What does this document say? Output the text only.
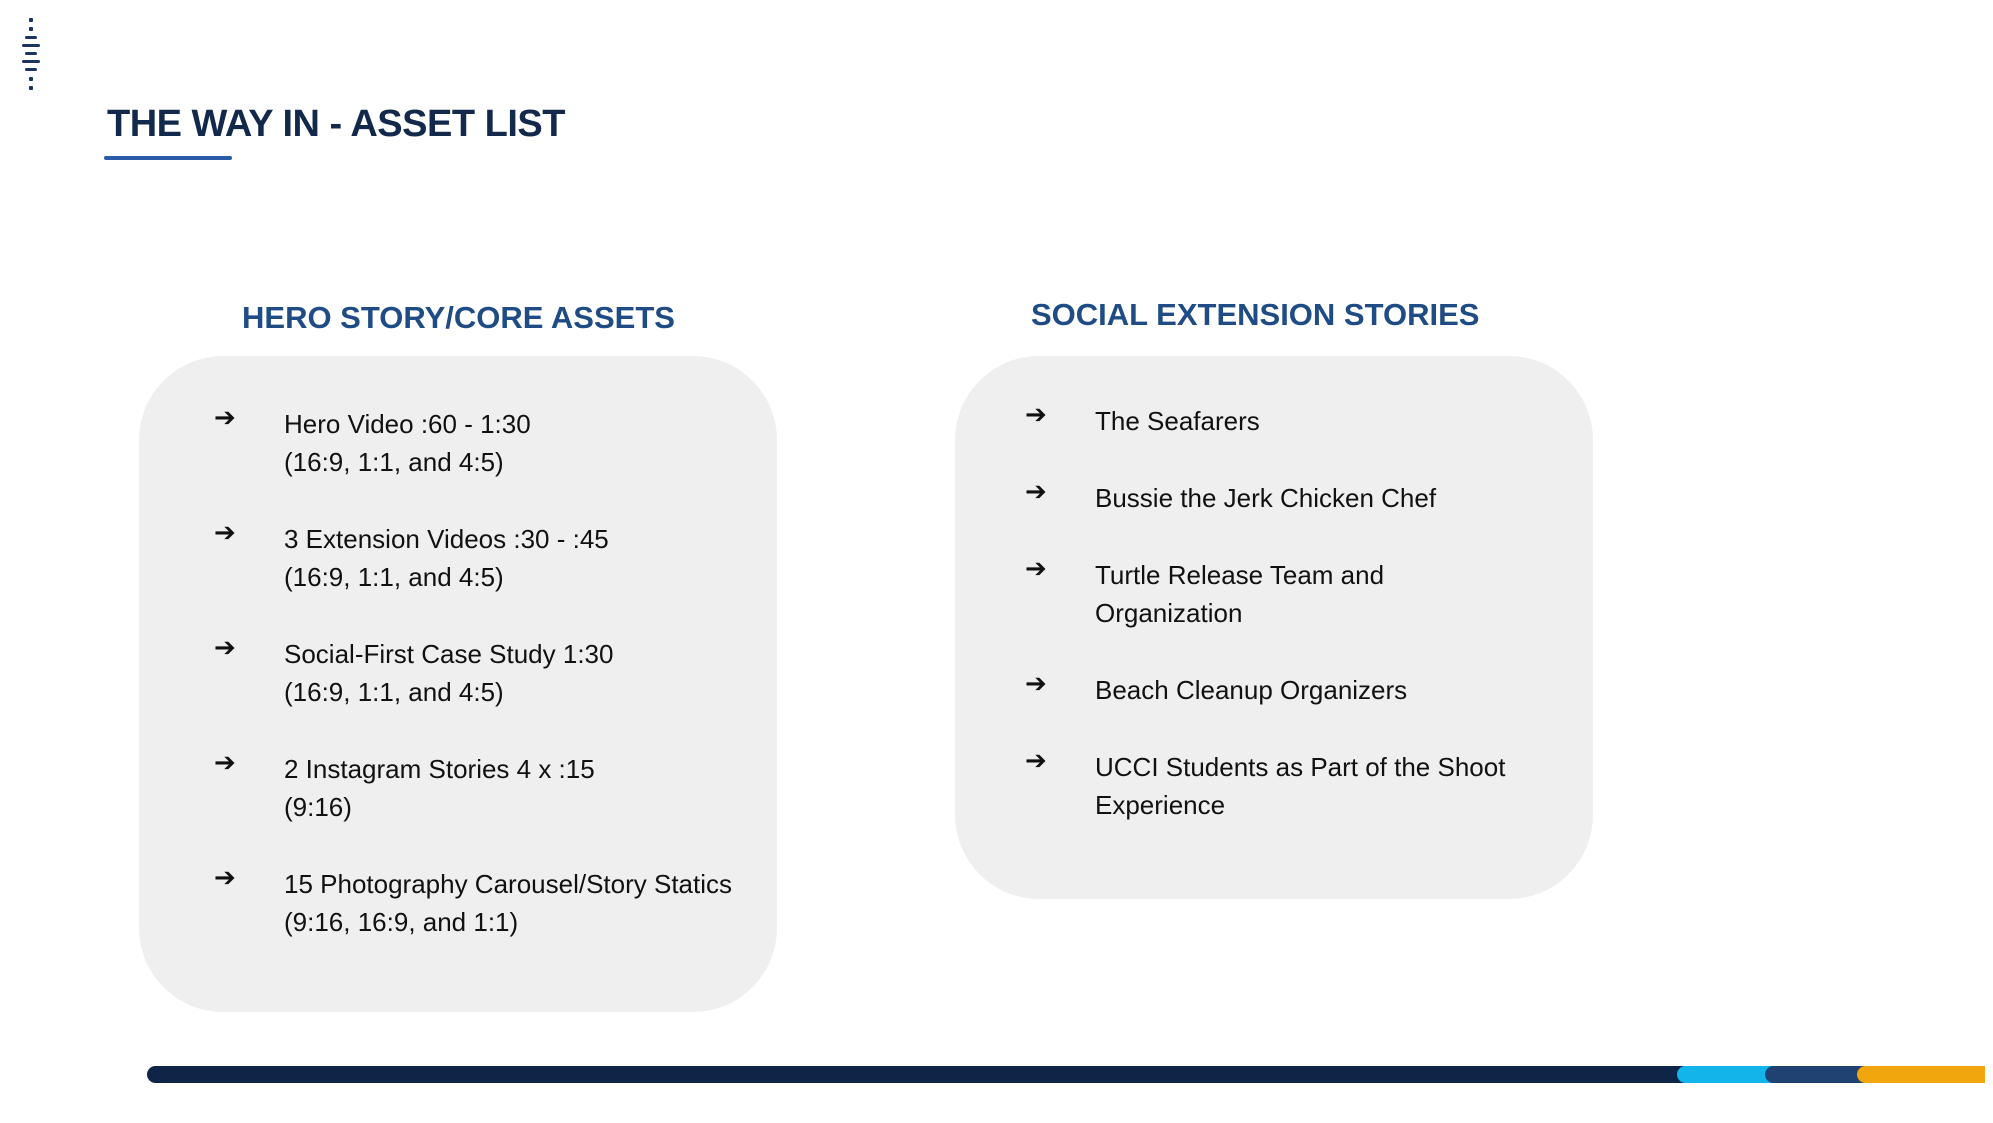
THE WAY IN - ASSET LIST
HERO STORY/CORE ASSETS	SOCIAL EXTENSION STORIES
➔	Hero Video :60 - 1:30
(16:9, 1:1, and 4:5)
➔	3 Extension Videos :30 - :45
(16:9, 1:1, and 4:5)
➔	Social-First Case Study 1:30
(16:9, 1:1, and 4:5)
➔	2 Instagram Stories 4 x :15
(9:16)
➔	15 Photography Carousel/Story Statics
(9:16, 16:9, and 1:1)
➔	The Seafarers
➔	Bussie the Jerk Chicken Chef
➔	Turtle Release Team and
Organization
➔	Beach Cleanup Organizers
➔	UCCI Students as Part of the Shoot
Experience
